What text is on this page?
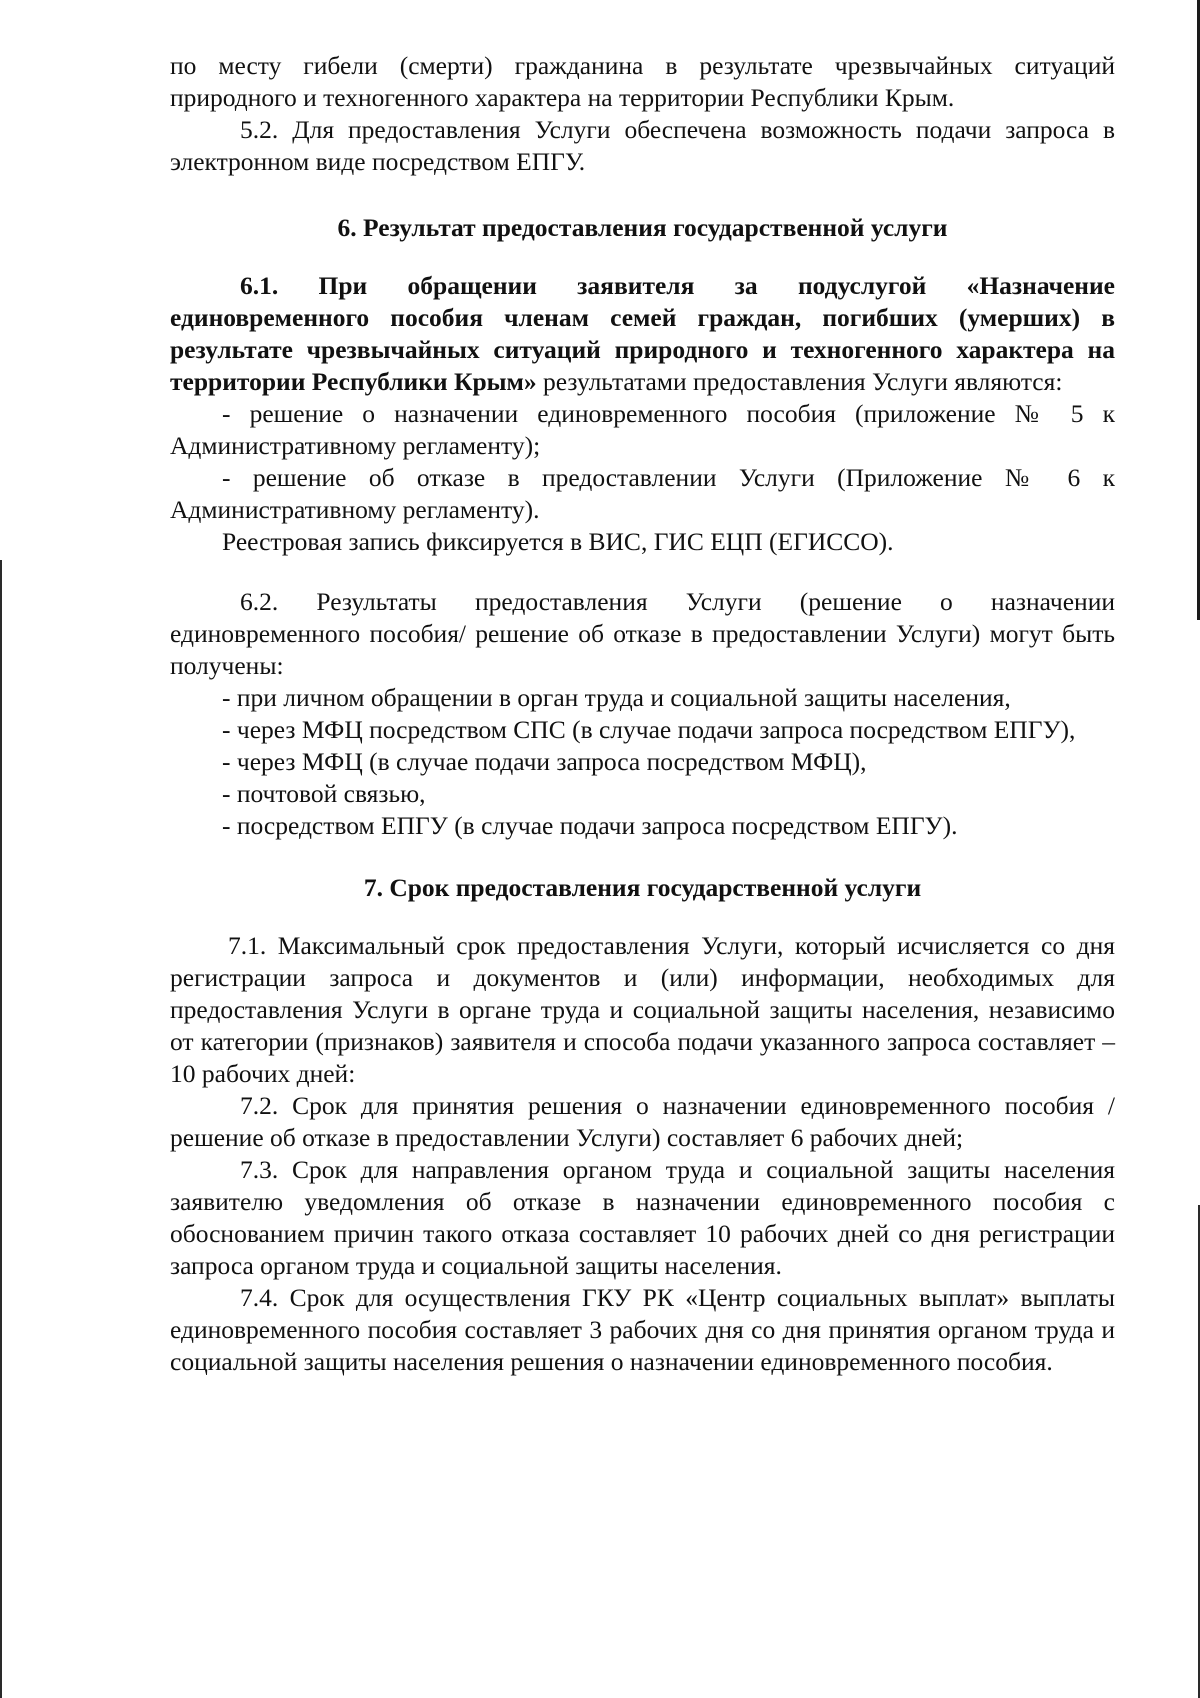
по месту гибели (смерти) гражданина в результате чрезвычайных ситуаций природного и техногенного характера на территории Республики Крым.

5.2. Для предоставления Услуги обеспечена возможность подачи запроса в электронном виде посредством ЕПГУ.

6. Результат предоставления государственной услуги

6.1. При обращении заявителя за подуслугой «Назначение единовременного пособия членам семей граждан, погибших (умерших) в результате чрезвычайных ситуаций природного и техногенного характера на территории Республики Крым» результатами предоставления Услуги являются:

- решение о назначении единовременного пособия (приложение № 5 к Административному регламенту);

- решение об отказе в предоставлении Услуги (Приложение № 6 к Административному регламенту).

Реестровая запись фиксируется в ВИС, ГИС ЕЦП (ЕГИССО).

6.2. Результаты предоставления Услуги (решение о назначении единовременного пособия/ решение об отказе в предоставлении Услуги) могут быть получены:

- при личном обращении в орган труда и социальной защиты населения,

- через МФЦ посредством СПС (в случае подачи запроса посредством ЕПГУ),

- через МФЦ (в случае подачи запроса посредством МФЦ),

- почтовой связью,

- посредством ЕПГУ (в случае подачи запроса посредством ЕПГУ).

7. Срок предоставления государственной услуги

7.1. Максимальный срок предоставления Услуги, который исчисляется со дня регистрации запроса и документов и (или) информации, необходимых для предоставления Услуги в органе труда и социальной защиты населения, независимо от категории (признаков) заявителя и способа подачи указанного запроса составляет – 10 рабочих дней:

7.2. Срок для принятия решения о назначении единовременного пособия / решение об отказе в предоставлении Услуги) составляет 6 рабочих дней;

7.3. Срок для направления органом труда и социальной защиты населения заявителю уведомления об отказе в назначении единовременного пособия с обоснованием причин такого отказа составляет 10 рабочих дней со дня регистрации запроса органом труда и социальной защиты населения.

7.4. Срок для осуществления ГКУ РК «Центр социальных выплат» выплаты единовременного пособия составляет 3 рабочих дня со дня принятия органом труда и социальной защиты населения решения о назначении единовременного пособия.
